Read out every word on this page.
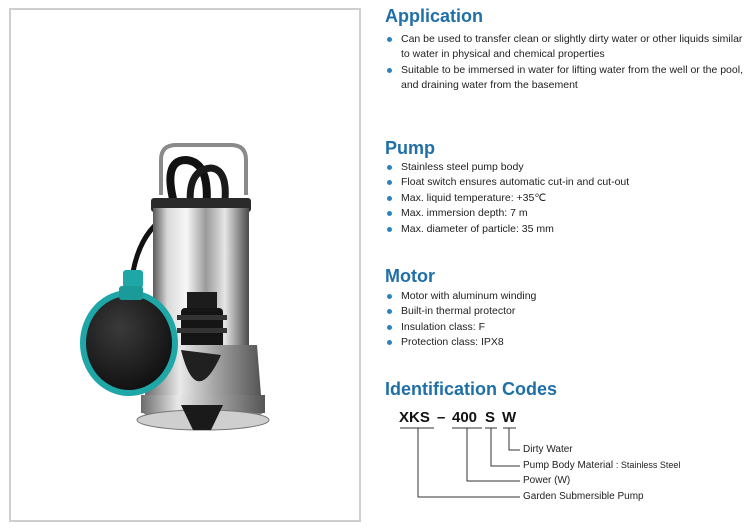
Application
Can be used to transfer clean or slightly dirty water or other liquids similar to water in physical and chemical properties
Suitable to be immersed in water for lifting water from the well or the pool, and draining water from the basement
Pump
Stainless steel pump body
Float switch ensures automatic cut-in and cut-out
Max. liquid temperature: +35℃
Max. immersion depth: 7 m
Max. diameter of particle: 35 mm
Motor
Motor with aluminum winding
Built-in thermal protector
Insulation class: F
Protection class: IPX8
Identification Codes
XKS – 400 S W
Dirty Water
Pump Body Material : Stainless Steel
Power (W)
Garden Submersible Pump
